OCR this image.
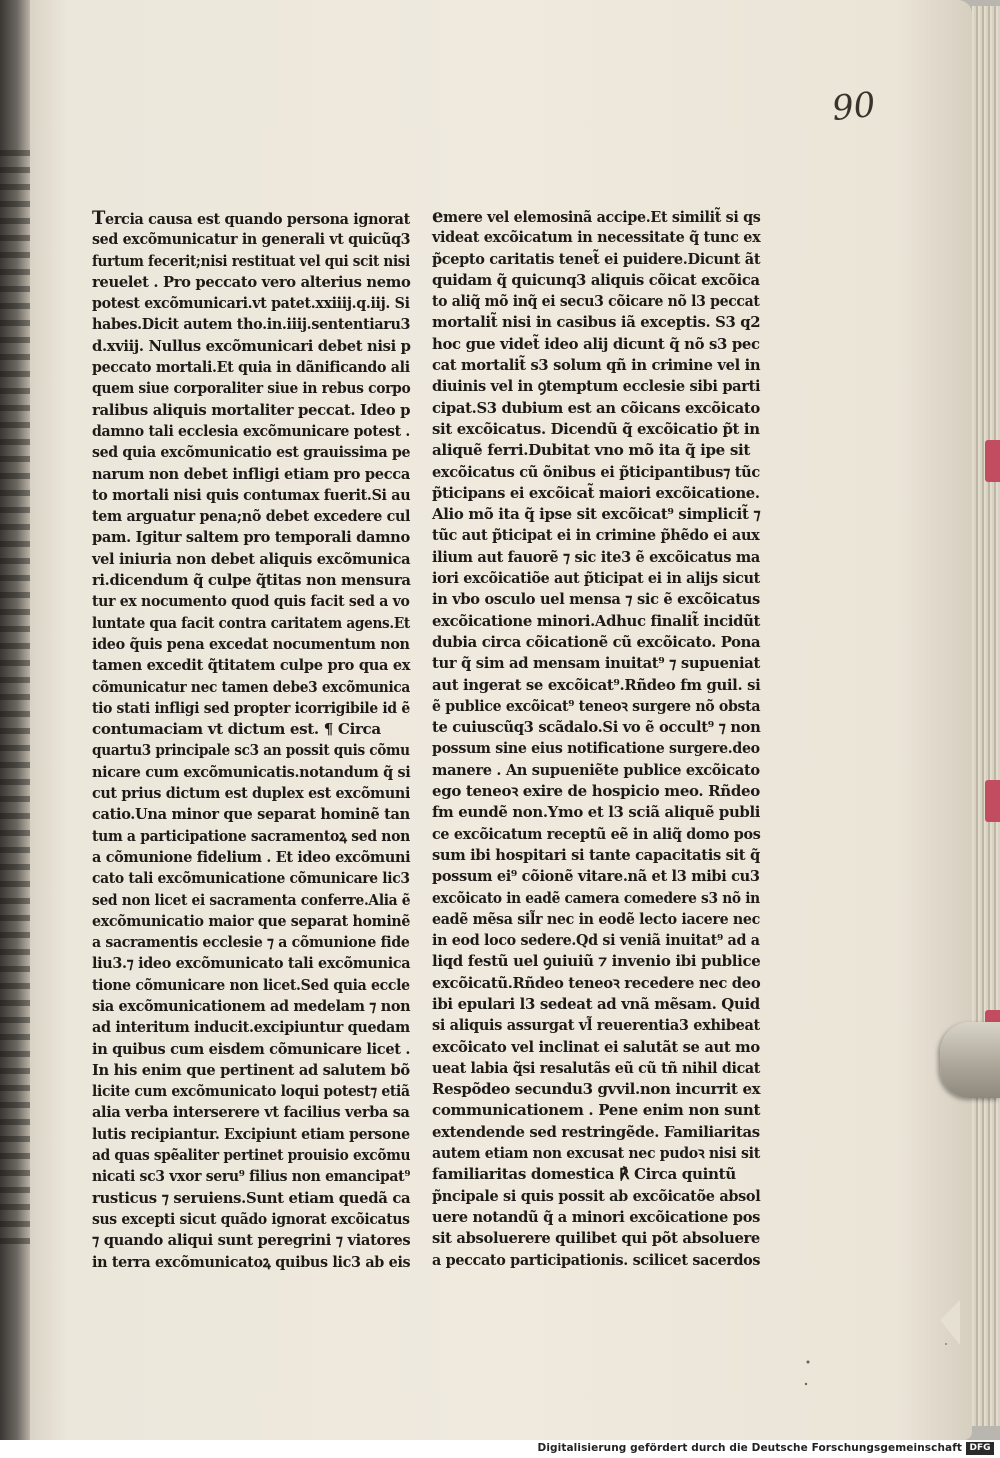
90
Tercia causa est quando persona ignorat
sed excõmunicatur in generali vt quicũq3
furtum fecerit;nisi restituat vel qui scit nisi
reuelet . Pro peccato vero alterius nemo
potest excõmunicari.vt patet.xxiiij.q.iij. Si
habes.Dicit autem tho.in.iiij.sententiaru3
d.xviij. Nullus excõmunicari debet nisi p
peccato mortali.Et quia in dãnificando ali
quem siue corporaliter siue in rebus corpo
ralibus aliquis mortaliter peccat. Ideo p
damno tali ecclesia excõmunicare potest .
sed quia excõmunicatio est grauissima pe
narum non debet infligi etiam pro pecca
to mortali nisi quis contumax fuerit.Si au
tem arguatur pena;nõ debet excedere cul
pam. Igitur saltem pro temporali damno
vel iniuria non debet aliquis excõmunica
ri.dicendum q̃ culpe q̃titas non mensura
tur ex nocumento quod quis facit sed a vo
luntate qua facit contra caritatem agens.Et
ideo q̃uis pena excedat nocumentum non
tamen excedit q̃titatem culpe pro qua ex
cõmunicatur nec tamen debe3 excõmunica
tio stati infligi sed propter icorrigibile id ẽ
contumaciam vt dictum est. ¶ Circa
quartu3 principale sc3 an possit quis cõmu
nicare cum excõmunicatis.notandum q̃ si
cut prius dictum est duplex est excõmuni
catio.Una minor que separat hominẽ tan
tum a participatione sacramentoꝝ sed non
a cõmunione fidelium . Et ideo excõmuni
cato tali excõmunicatione cõmunicare lic3
sed non licet ei sacramenta conferre.Alia ẽ
excõmunicatio maior que separat hominẽ
a sacramentis ecclesie ⁊ a cõmunione fide
liu3.⁊ ideo excõmunicato tali excõmunica
tione cõmunicare non licet.Sed quia eccle
sia excõmunicationem ad medelam ⁊ non
ad interitum inducit.excipiuntur quedam
in quibus cum eisdem cõmunicare licet .
In his enim que pertinent ad salutem bõ
licite cum excõmunicato loqui potest⁊ etiã
alia verba interserere vt facilius verba sa
lutis recipiantur. Excipiunt etiam persone
ad quas spẽaliter pertinet prouisio excõmu
nicati sc3 vxor seru⁹ filius non emancipat⁹
rusticus ⁊ seruiens.Sunt etiam quedã ca
sus excepti sicut quãdo ignorat excõicatus
⁊ quando aliqui sunt peregrini ⁊ viatores
in terra excõmunicatoꝝ quibus lic3 ab eis
emere vel elemosinã accipe.Et similit̃ si qs
videat excõicatum in necessitate q̃ tunc ex
p̃cepto caritatis tenet̃ ei puidere.Dicunt ãt
quidam q̃ quicunq3 aliquis cõicat excõica
to aliq̃ mõ inq̃ ei secu3 cõicare nõ l3 peccat
mortalit̃ nisi in casibus iã exceptis. S3 q2
hoc gue videt̃ ideo alij dicunt q̃ nõ s3 pec
cat mortalit̃ s3 solum qñ in crimine vel in
diuinis vel in ꝯtemptum ecclesie sibi parti
cipat.S3 dubium est an cõicans excõicato
sit excõicatus. Dicendũ q̃ excõicatio p̃t in
aliquẽ ferri.Dubitat vno mõ ita q̃ ipe sit
excõicatus cũ õnibus ei p̃ticipantibus⁊ tũc
p̃ticipans ei excõicat̃ maiori excõicatione.
Alio mõ ita q̃ ipse sit excõicat⁹ simplicit̃ ⁊
tũc aut p̃ticipat ei in crimine p̃hẽdo ei aux
ilium aut fauorẽ ⁊ sic ite3 ẽ excõicatus ma
iori excõicatiõe aut p̃ticipat ei in alijs sicut
in vbo osculo uel mensa ⁊ sic ẽ excõicatus
excõicatione minori.Adhuc finalit̃ incidũt
dubia circa cõicationẽ cũ excõicato. Pona
tur q̃ sim ad mensam inuitat⁹ ⁊ supueniat
aut ingerat se excõicat⁹.Rñdeo fm guil. si
ẽ publice excõicat⁹ teneoꝛ surgere nõ obsta
te cuiuscũq3 scãdalo.Si vo ẽ occult⁹ ⁊ non
possum sine eius notificatione surgere.deo
manere . An supueniẽte publice excõicato
ego teneoꝛ exire de hospicio meo. Rñdeo
fm eundẽ non.Ymo et l3 sciã aliquẽ publi
ce excõicatum receptũ eẽ in aliq̃ domo pos
sum ibi hospitari si tante capacitatis sit q̃
possum ei⁹ cõionẽ vitare.nã et l3 mibi cu3
excõicato in eadẽ camera comedere s3 nõ in
eadẽ mẽsa sil̃r nec in eodẽ lecto iacere nec
in eod loco sedere.Qd si veniã inuitat⁹ ad a
liqd festũ uel ꝯuiuiũ ⁊ invenio ibi publice
excõicatũ.Rñdeo teneoꝛ recedere nec deo
ibi epulari l3 sedeat ad vnã mẽsam. Quid
si aliquis assurgat vl̃ reuerentia3 exhibeat
excõicato vel inclinat ei salutãt se aut mo
ueat labia q̃si resalutãs eũ cũ tñ nihil dicat
Respõdeo secundu3 gvvil.non incurrit ex
communicationem . Pene enim non sunt
extendende sed restringẽde. Familiaritas
autem etiam non excusat nec pudoꝛ nisi sit
familiaritas domestica ℟ Circa quintũ
p̃ncipale si quis possit ab excõicatõe absol
uere notandũ q̃ a minori excõicatione pos
sit absoluerere quilibet qui põt absoluere
a peccato participationis. scilicet sacerdos
Digitalisierung gefördert durch die Deutsche Forschungsgemeinschaft DFG
